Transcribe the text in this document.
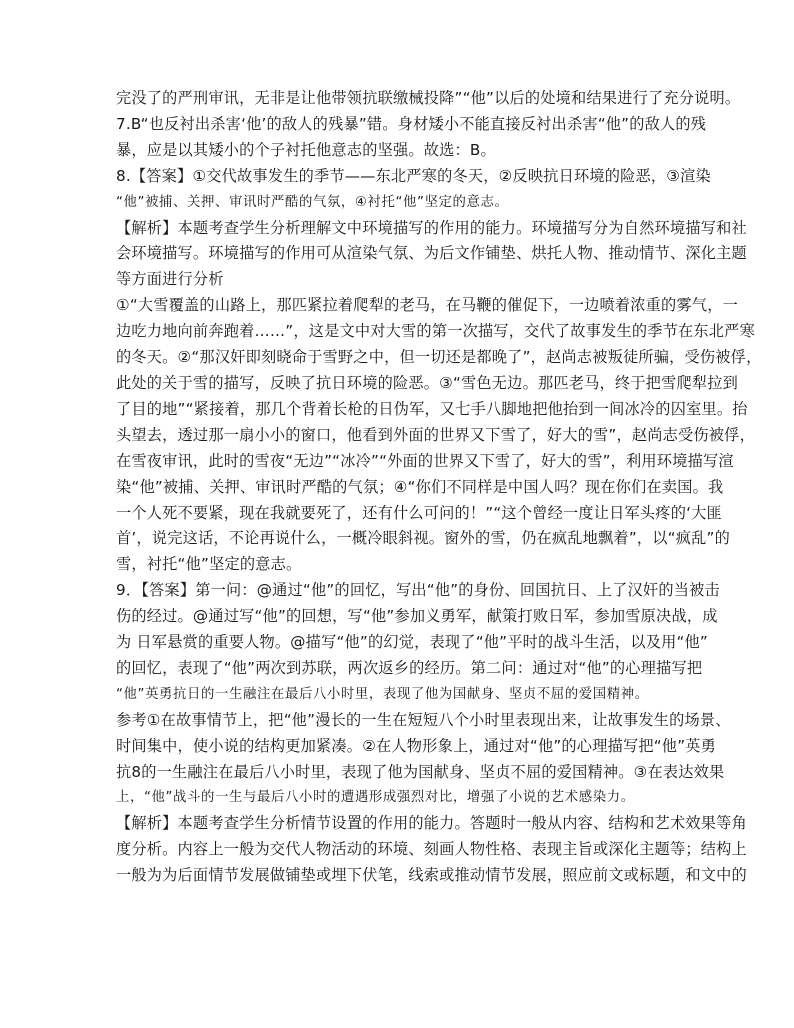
完没了的严刑审讯，无非是让他带领抗联缴械投降”“他”以后的处境和结果进行了充分说明。
7.B“也反衬出杀害‘他’的敌人的残暴”错。身材矮小不能直接反衬出杀害“他”的敌人的残
暴，应是以其矮小的个子衬托他意志的坚强。故选：B。
8.【答案】①交代故事发生的季节——东北严寒的冬天，②反映抗日环境的险恶，③渲染
“他”被捕、关押、审讯时严酷的气氛，④衬托“他”坚定的意志。
【解析】本题考查学生分析理解文中环境描写的作用的能力。环境描写分为自然环境描写和社
会环境描写。环境描写的作用可从渲染气氛、为后文作铺垫、烘托人物、推动情节、深化主题
等方面进行分析
①“大雪覆盖的山路上，那匹紧拉着爬犁的老马，在马鞭的催促下，一边喷着浓重的雾气，一
边吃力地向前奔跑着……”，这是文中对大雪的第一次描写，交代了故事发生的季节在东北严寒
的冬天。②“那汉奸即刻晓命于雪野之中，但一切还是都晚了”，赵尚志被叛徒所骗，受伤被俘，
此处的关于雪的描写，反映了抗日环境的险恶。③“雪色无边。那匹老马，终于把雪爬犁拉到
了目的地”“紧接着，那几个背着长枪的日伪军，又七手八脚地把他抬到一间冰冷的囚室里。抬
头望去，透过那一扇小小的窗口，他看到外面的世界又下雪了，好大的雪”，赵尚志受伤被俘，
在雪夜审讯，此时的雪夜“无边”“冰冷”“外面的世界又下雪了，好大的雪”，利用环境描写渲
染“他”被捕、关押、审讯时严酷的气氛；④“你们不同样是中国人吗？现在你们在卖国。我
一个人死不要紧，现在我就要死了，还有什么可问的！”“这个曾经一度让日军头疼的‘大匪
首’，说完这话，不论再说什么，一概冷眼斜视。窗外的雪，仍在疯乱地飘着”，以“疯乱”的
雪，衬托“他”坚定的意志。
9．【答案】第一问：@通过“他”的回忆，写出“他”的身份、回国抗日、上了汉奸的当被击
伤的经过。@通过写“他”的回想，写“他”参加义勇军，献策打败日军，参加雪原决战，成
为 日军悬赏的重要人物。@描写“他”的幻觉，表现了“他”平时的战斗生活，以及用“他”
的回忆，表现了“他”两次到苏联，两次返乡的经历。第二问：通过对“他”的心理描写把
“他”英勇抗日的一生融注在最后八小时里，表现了他为国献身、坚贞不屈的爱国精神。
参考①在故事情节上，把“他”漫长的一生在短短八个小时里表现出来，让故事发生的场景、
时间集中，使小说的结构更加紧凑。②在人物形象上，通过对“他”的心理描写把“他”英勇
抗8的一生融注在最后八小时里，表现了他为国献身、坚贞不屈的爱国精神。③在表达效果
上，“他”战斗的一生与最后八小时的遭遇形成强烈对比，增强了小说的艺术感染力。
【解析】本题考查学生分析情节设置的作用的能力。答题时一般从内容、结构和艺术效果等角
度分析。内容上一般为交代人物活动的环境、刻画人物性格、表现主旨或深化主题等；结构上
一般为为后面情节发展做铺垫或埋下伏笔，线索或推动情节发展，照应前文或标题，和文中的
